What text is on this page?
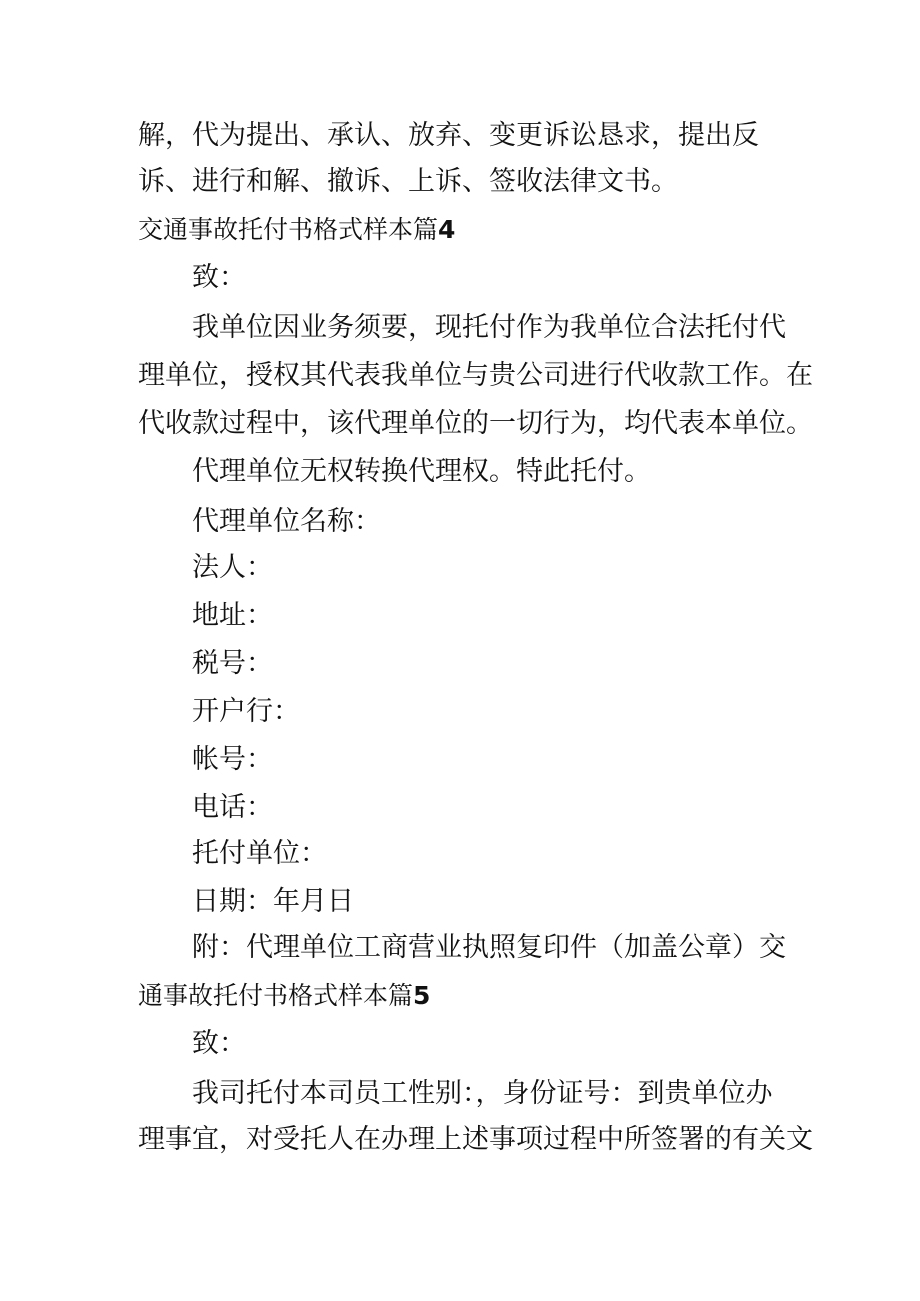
解，代为提出、承认、放弃、变更诉讼恳求，提出反
诉、进行和解、撤诉、上诉、签收法律文书。
交通事故托付书格式样本篇4
致：
我单位因业务须要，现托付作为我单位合法托付代
理单位，授权其代表我单位与贵公司进行代收款工作。在
代收款过程中，该代理单位的一切行为，均代表本单位。
代理单位无权转换代理权。特此托付。
代理单位名称：
法人：
地址：
税号：
开户行：
帐号：
电话：
托付单位：
日期：年月日
附：代理单位工商营业执照复印件（加盖公章）交
通事故托付书格式样本篇5
致：
我司托付本司员工性别：，身份证号：到贵单位办
理事宜，对受托人在办理上述事项过程中所签署的有关文
